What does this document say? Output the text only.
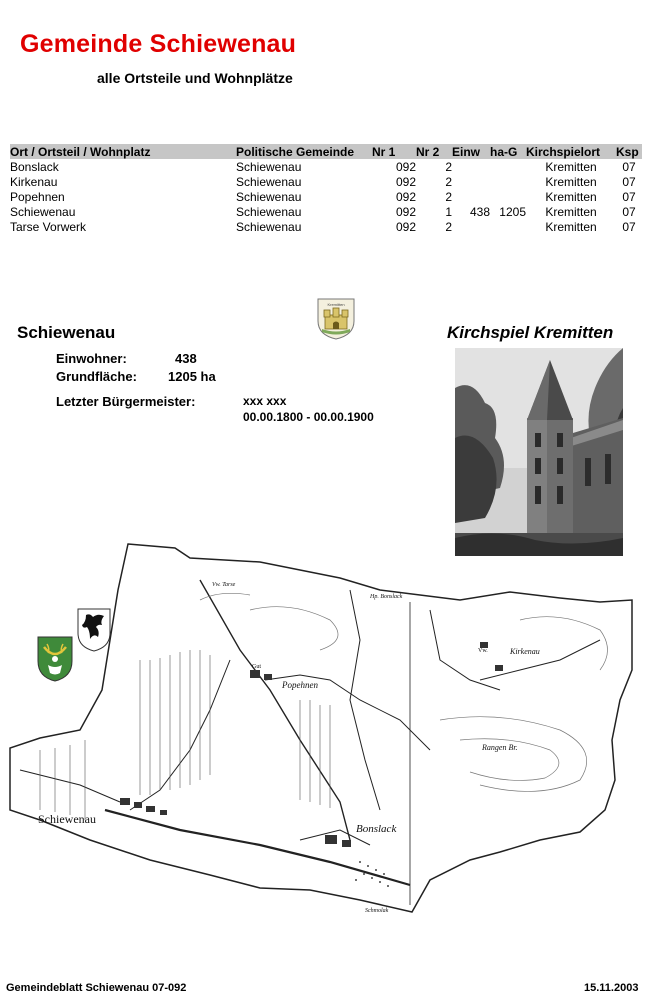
Gemeinde Schiewenau
alle Ortsteile und Wohnplätze
Ort / Ortsteil / Wohnplatz	Politische Gemeinde	Nr 1	Nr 2	Einw	ha-G	Kirchspielort	Ksp
Bonslack	Schiewenau	092	2			Kremitten	07
Kirkenau	Schiewenau	092	2			Kremitten	07
Popehnen	Schiewenau	092	2			Kremitten	07
Schiewenau	Schiewenau	092	1	438	1205	Kremitten	07
Tarse Vorwerk	Schiewenau	092	2			Kremitten	07
Kremitten
Schiewenau	Kirchspiel Kremitten
Einwohner:	438
Grundfläche: 1205 ha
Letzter Bürgermeister:	xxx xxx
00.00.1800 - 00.00.1900
Popehnen
Schiewenau
Bonslack
Kirkenau
Vw. Tarse
Gut
Rangen Br.
Schmolak
Hp. Bonslack
Vw.
Gemeindeblatt Schiewenau 07-092	15.11.2003
